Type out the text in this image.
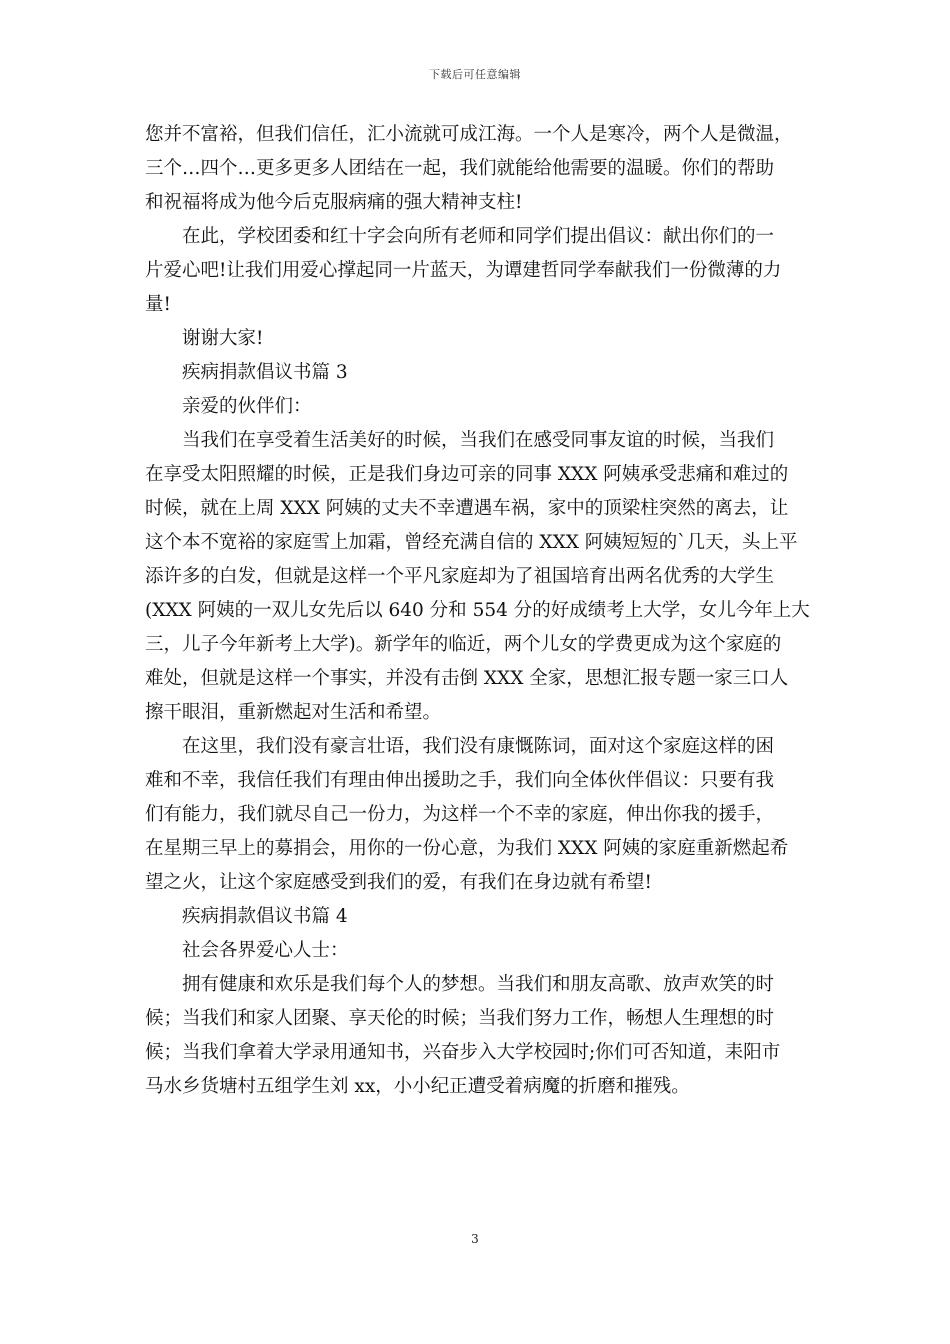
下载后可任意编辑
您并不富裕，但我们信任，汇小流就可成江海。一个人是寒冷，两个人是微温，
三个…四个…更多更多人团结在一起，我们就能给他需要的温暖。你们的帮助
和祝福将成为他今后克服病痛的强大精神支柱!
在此，学校团委和红十字会向所有老师和同学们提出倡议：献出你们的一
片爱心吧!让我们用爱心撑起同一片蓝天，为谭建哲同学奉献我们一份微薄的力
量!
谢谢大家!
疾病捐款倡议书篇 3
亲爱的伙伴们：
当我们在享受着生活美好的时候，当我们在感受同事友谊的时候，当我们
在享受太阳照耀的时候，正是我们身边可亲的同事 XXX 阿姨承受悲痛和难过的
时候，就在上周 XXX 阿姨的丈夫不幸遭遇车祸，家中的顶梁柱突然的离去，让
这个本不宽裕的家庭雪上加霜，曾经充满自信的 XXX 阿姨短短的`几天，头上平
添许多的白发，但就是这样一个平凡家庭却为了祖国培育出两名优秀的大学生
(XXX 阿姨的一双儿女先后以 640 分和 554 分的好成绩考上大学，女儿今年上大
三，儿子今年新考上大学)。新学年的临近，两个儿女的学费更成为这个家庭的
难处，但就是这样一个事实，并没有击倒 XXX 全家，思想汇报专题一家三口人
擦干眼泪，重新燃起对生活和希望。
在这里，我们没有豪言壮语，我们没有康慨陈词，面对这个家庭这样的困
难和不幸，我信任我们有理由伸出援助之手，我们向全体伙伴倡议：只要有我
们有能力，我们就尽自己一份力，为这样一个不幸的家庭，伸出你我的援手，
在星期三早上的募捐会，用你的一份心意，为我们 XXX 阿姨的家庭重新燃起希
望之火，让这个家庭感受到我们的爱，有我们在身边就有希望!
疾病捐款倡议书篇 4
社会各界爱心人士：
拥有健康和欢乐是我们每个人的梦想。当我们和朋友高歌、放声欢笑的时
候；当我们和家人团聚、享天伦的时候；当我们努力工作，畅想人生理想的时
候；当我们拿着大学录用通知书，兴奋步入大学校园时;你们可否知道，耒阳市
马水乡货塘村五组学生刘 xx，小小纪正遭受着病魔的折磨和摧残。
3
